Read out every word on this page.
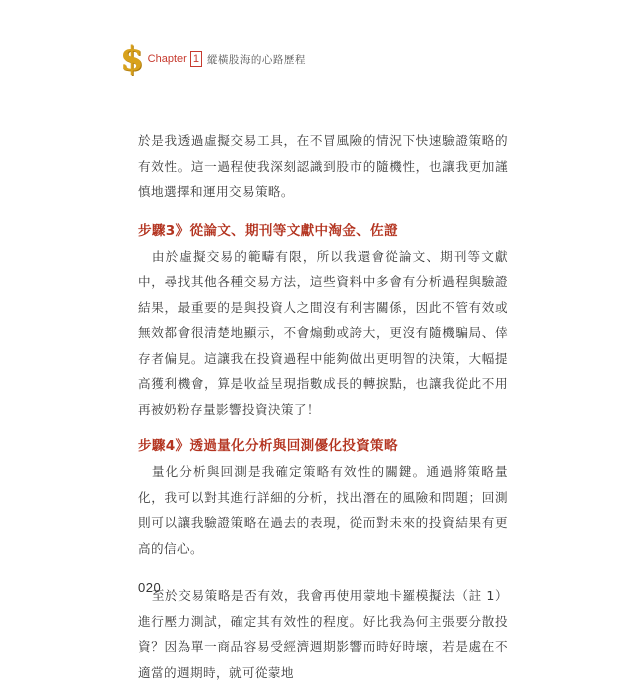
$ Chapter 1 縱橫股海的心路歷程

於是我透過虛擬交易工具，在不冒風險的情況下快速驗證策略的有效性。這一過程使我深刻認識到股市的隨機性，也讓我更加謹慎地選擇和運用交易策略。

步驟3》從論文、期刊等文獻中淘金、佐證

由於虛擬交易的範疇有限，所以我還會從論文、期刊等文獻中，尋找其他各種交易方法，這些資料中多會有分析過程與驗證結果，最重要的是與投資人之間沒有利害關係，因此不管有效或無效都會很清楚地顯示，不會煽動或誇大，更沒有隨機騙局、倖存者偏見。這讓我在投資過程中能夠做出更明智的決策，大幅提高獲利機會，算是收益呈現指數成長的轉捩點，也讓我從此不用再被奶粉存量影響投資決策了！

步驟4》透過量化分析與回測優化投資策略

量化分析與回測是我確定策略有效性的關鍵。通過將策略量化，我可以對其進行詳細的分析，找出潛在的風險和問題；回測則可以讓我驗證策略在過去的表現，從而對未來的投資結果有更高的信心。

至於交易策略是否有效，我會再使用蒙地卡羅模擬法（註 1）進行壓力測試，確定其有效性的程度。好比我為何主張要分散投資？因為單一商品容易受經濟週期影響而時好時壞，若是處在不適當的週期時，就可從蒙地

020
